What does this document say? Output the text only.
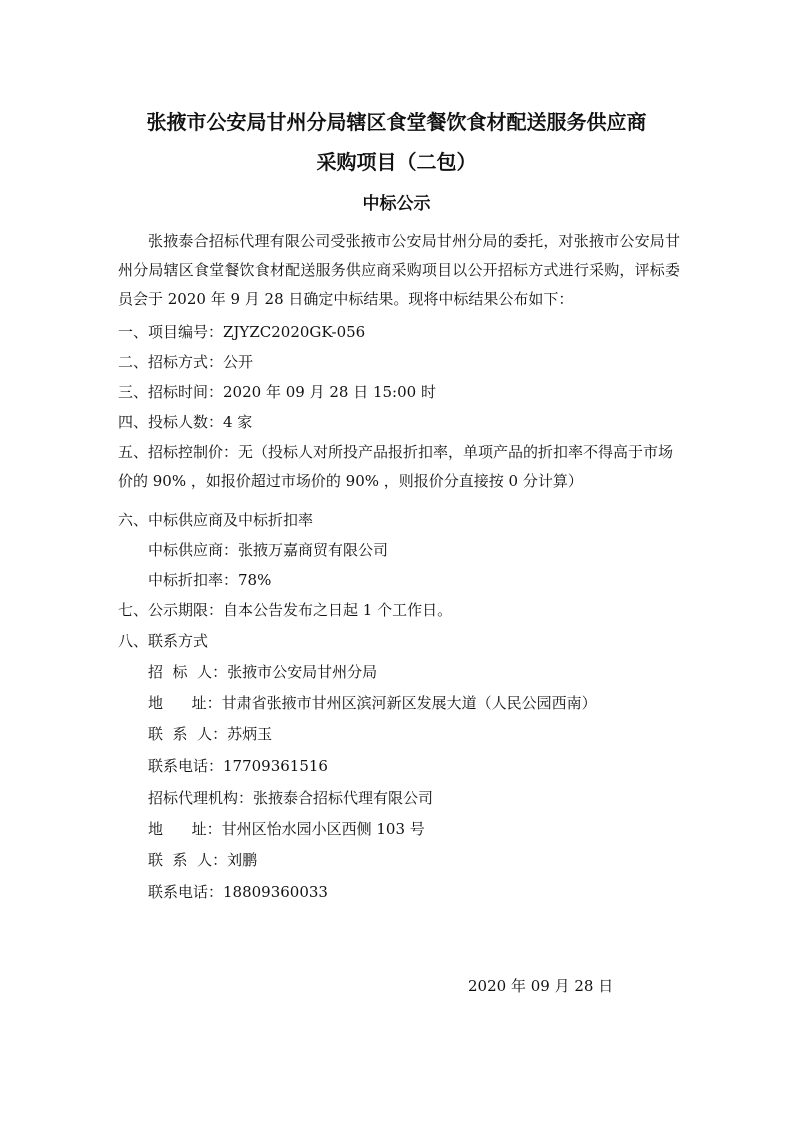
张掖市公安局甘州分局辖区食堂餐饮食材配送服务供应商
采购项目（二包）
中标公示
张掖泰合招标代理有限公司受张掖市公安局甘州分局的委托，对张掖市公安局甘州分局辖区食堂餐饮食材配送服务供应商采购项目以公开招标方式进行采购，评标委员会于 2020 年 9 月 28 日确定中标结果。现将中标结果公布如下：
一、项目编号：ZJYZC2020GK-056
二、招标方式：公开
三、招标时间：2020 年 09 月 28 日 15:00 时
四、投标人数：4 家
五、招标控制价：无（投标人对所投产品报折扣率，单项产品的折扣率不得高于市场价的 90% ，如报价超过市场价的 90% ，则报价分直接按 0 分计算）
六、中标供应商及中标折扣率
中标供应商：张掖万嘉商贸有限公司
中标折扣率：78%
七、公示期限：自本公告发布之日起 1 个工作日。
八、联系方式
招  标  人：张掖市公安局甘州分局
地      址：甘肃省张掖市甘州区滨河新区发展大道（人民公园西南）
联  系  人：苏炳玉
联系电话：17709361516
招标代理机构：张掖泰合招标代理有限公司
地      址：甘州区怡水园小区西侧 103 号
联  系  人：刘鹏
联系电话：18809360033
2020 年 09 月 28 日
